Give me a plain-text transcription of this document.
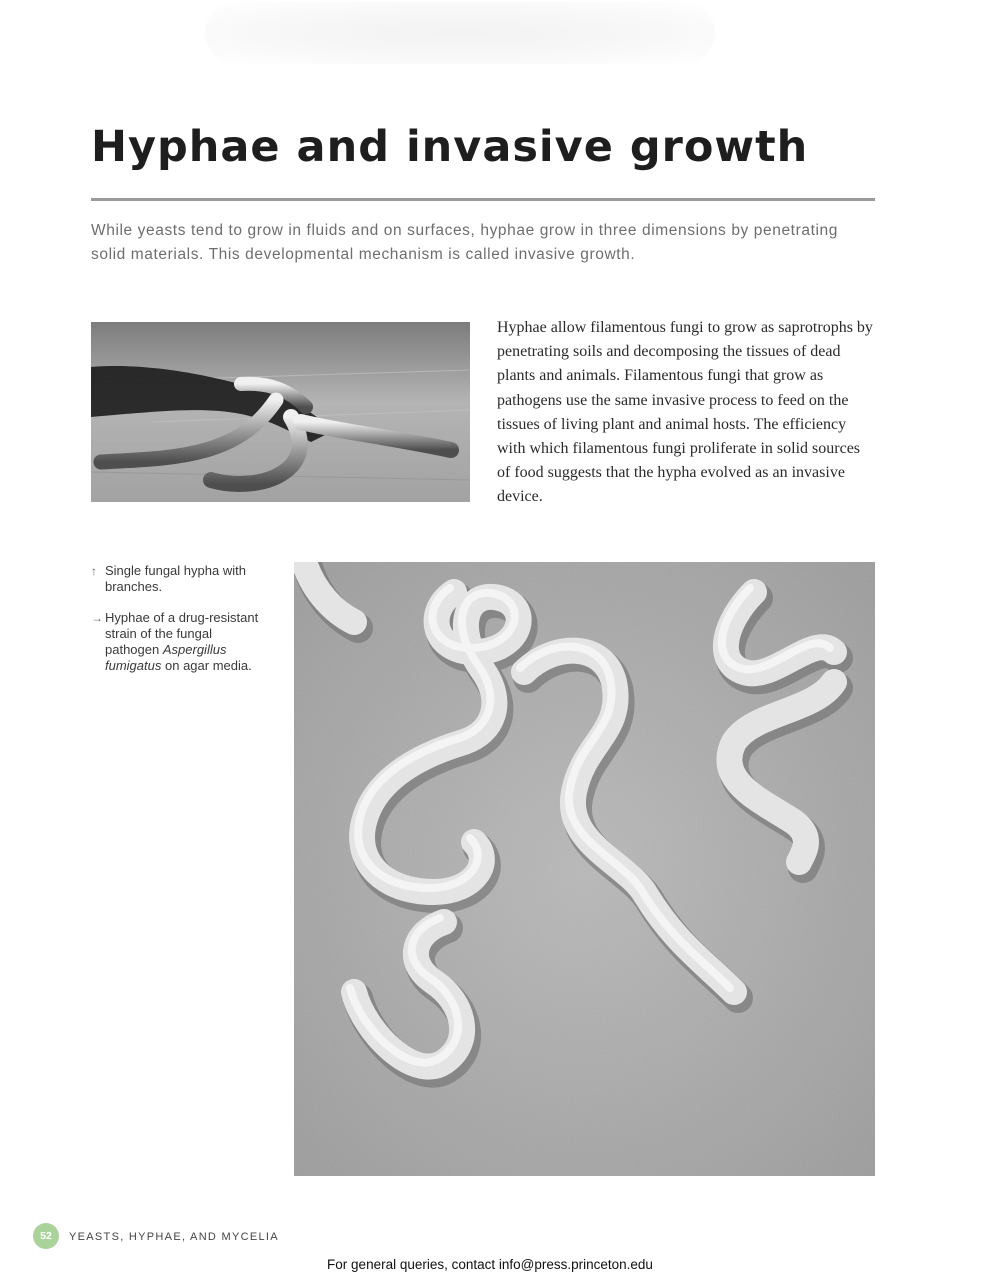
Hyphae and invasive growth

While yeasts tend to grow in fluids and on surfaces, hyphae grow in three dimensions by penetrating solid materials. This developmental mechanism is called invasive growth.

Hyphae allow filamentous fungi to grow as saprotrophs by penetrating soils and decomposing the tissues of dead plants and animals. Filamentous fungi that grow as pathogens use the same invasive process to feed on the tissues of living plant and animal hosts. The efficiency with which filamentous fungi proliferate in solid sources of food suggests that the hypha evolved as an invasive device.

↑ Single fungal hypha with branches.

→ Hyphae of a drug-resistant strain of the fungal pathogen Aspergillus fumigatus on agar media.

52	YEASTS, HYPHAE, AND MYCELIA
For general queries, contact info@press.princeton.edu
